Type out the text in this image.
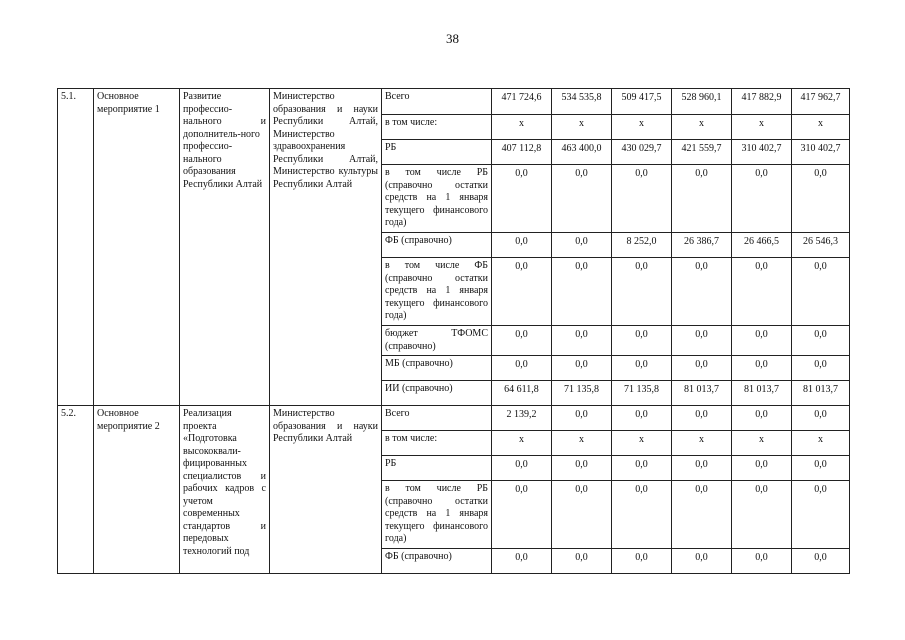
38
5.1.	Основное мероприятие 1	Развитие профессио-нального и дополнитель-ного профессио-нального образования Республики Алтай	Министерство образования и науки Республики Алтай, Министерство здравоохранения Республики Алтай, Министерство культуры Республики Алтай	Всего	471 724,6	534 535,8	509 417,5	528 960,1	417 882,9	417 962,7
				в том числе:	x	x	x	x	x	x
				РБ	407 112,8	463 400,0	430 029,7	421 559,7	310 402,7	310 402,7
				в том числе РБ (справочно остатки средств на 1 января текущего финансового года)	0,0	0,0	0,0	0,0	0,0	0,0
				ФБ (справочно)	0,0	0,0	8 252,0	26 386,7	26 466,5	26 546,3
				в том числе ФБ (справочно остатки средств на 1 января текущего финансового года)	0,0	0,0	0,0	0,0	0,0	0,0
				бюджет ТФОМС (справочно)	0,0	0,0	0,0	0,0	0,0	0,0
				МБ (справочно)	0,0	0,0	0,0	0,0	0,0	0,0
				ИИ (справочно)	64 611,8	71 135,8	71 135,8	81 013,7	81 013,7	81 013,7
5.2.	Основное мероприятие 2	Реализация проекта «Подготовка высококвали-фицированных специалистов и рабочих кадров с учетом современных стандартов и передовых технологий под	Министерство образования и науки Республики Алтай	Всего	2 139,2	0,0	0,0	0,0	0,0	0,0
				в том числе:	x	x	x	x	x	x
				РБ	0,0	0,0	0,0	0,0	0,0	0,0
				в том числе РБ (справочно остатки средств на 1 января текущего финансового года)	0,0	0,0	0,0	0,0	0,0	0,0
				ФБ (справочно)	0,0	0,0	0,0	0,0	0,0	0,0
